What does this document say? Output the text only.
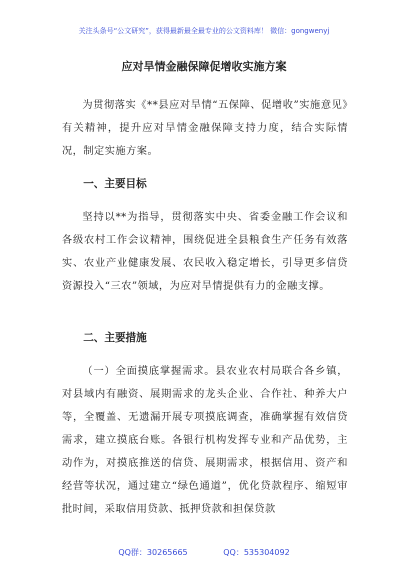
关注头条号“公文研究”，获得最新最全最专业的公文资料库！ 微信：gongwenyj
应对旱情金融保障促增收实施方案
为贯彻落实《**县应对旱情“五保障、促增收”实施意见》有关精神，提升应对旱情金融保障支持力度，结合实际情况，制定实施方案。
一、主要目标
坚持以**为指导，贯彻落实中央、省委金融工作会议和各级农村工作会议精神，围绕促进全县粮食生产任务有效落实、农业产业健康发展、农民收入稳定增长，引导更多信贷资源投入“三农”领域，为应对旱情提供有力的金融支撑。
二、主要措施
（一）全面摸底掌握需求。县农业农村局联合各乡镇，对县域内有融资、展期需求的龙头企业、合作社、种养大户等，全覆盖、无遗漏开展专项摸底调查，准确掌握有效信贷需求，建立摸底台账。各银行机构发挥专业和产品优势，主动作为，对摸底推送的信贷、展期需求，根据信用、资产和经营等状况，通过建立“绿色通道”，优化贷款程序、缩短审批时间，采取信用贷款、抵押贷款和担保贷款
QQ群：30265665	QQ：535304092
